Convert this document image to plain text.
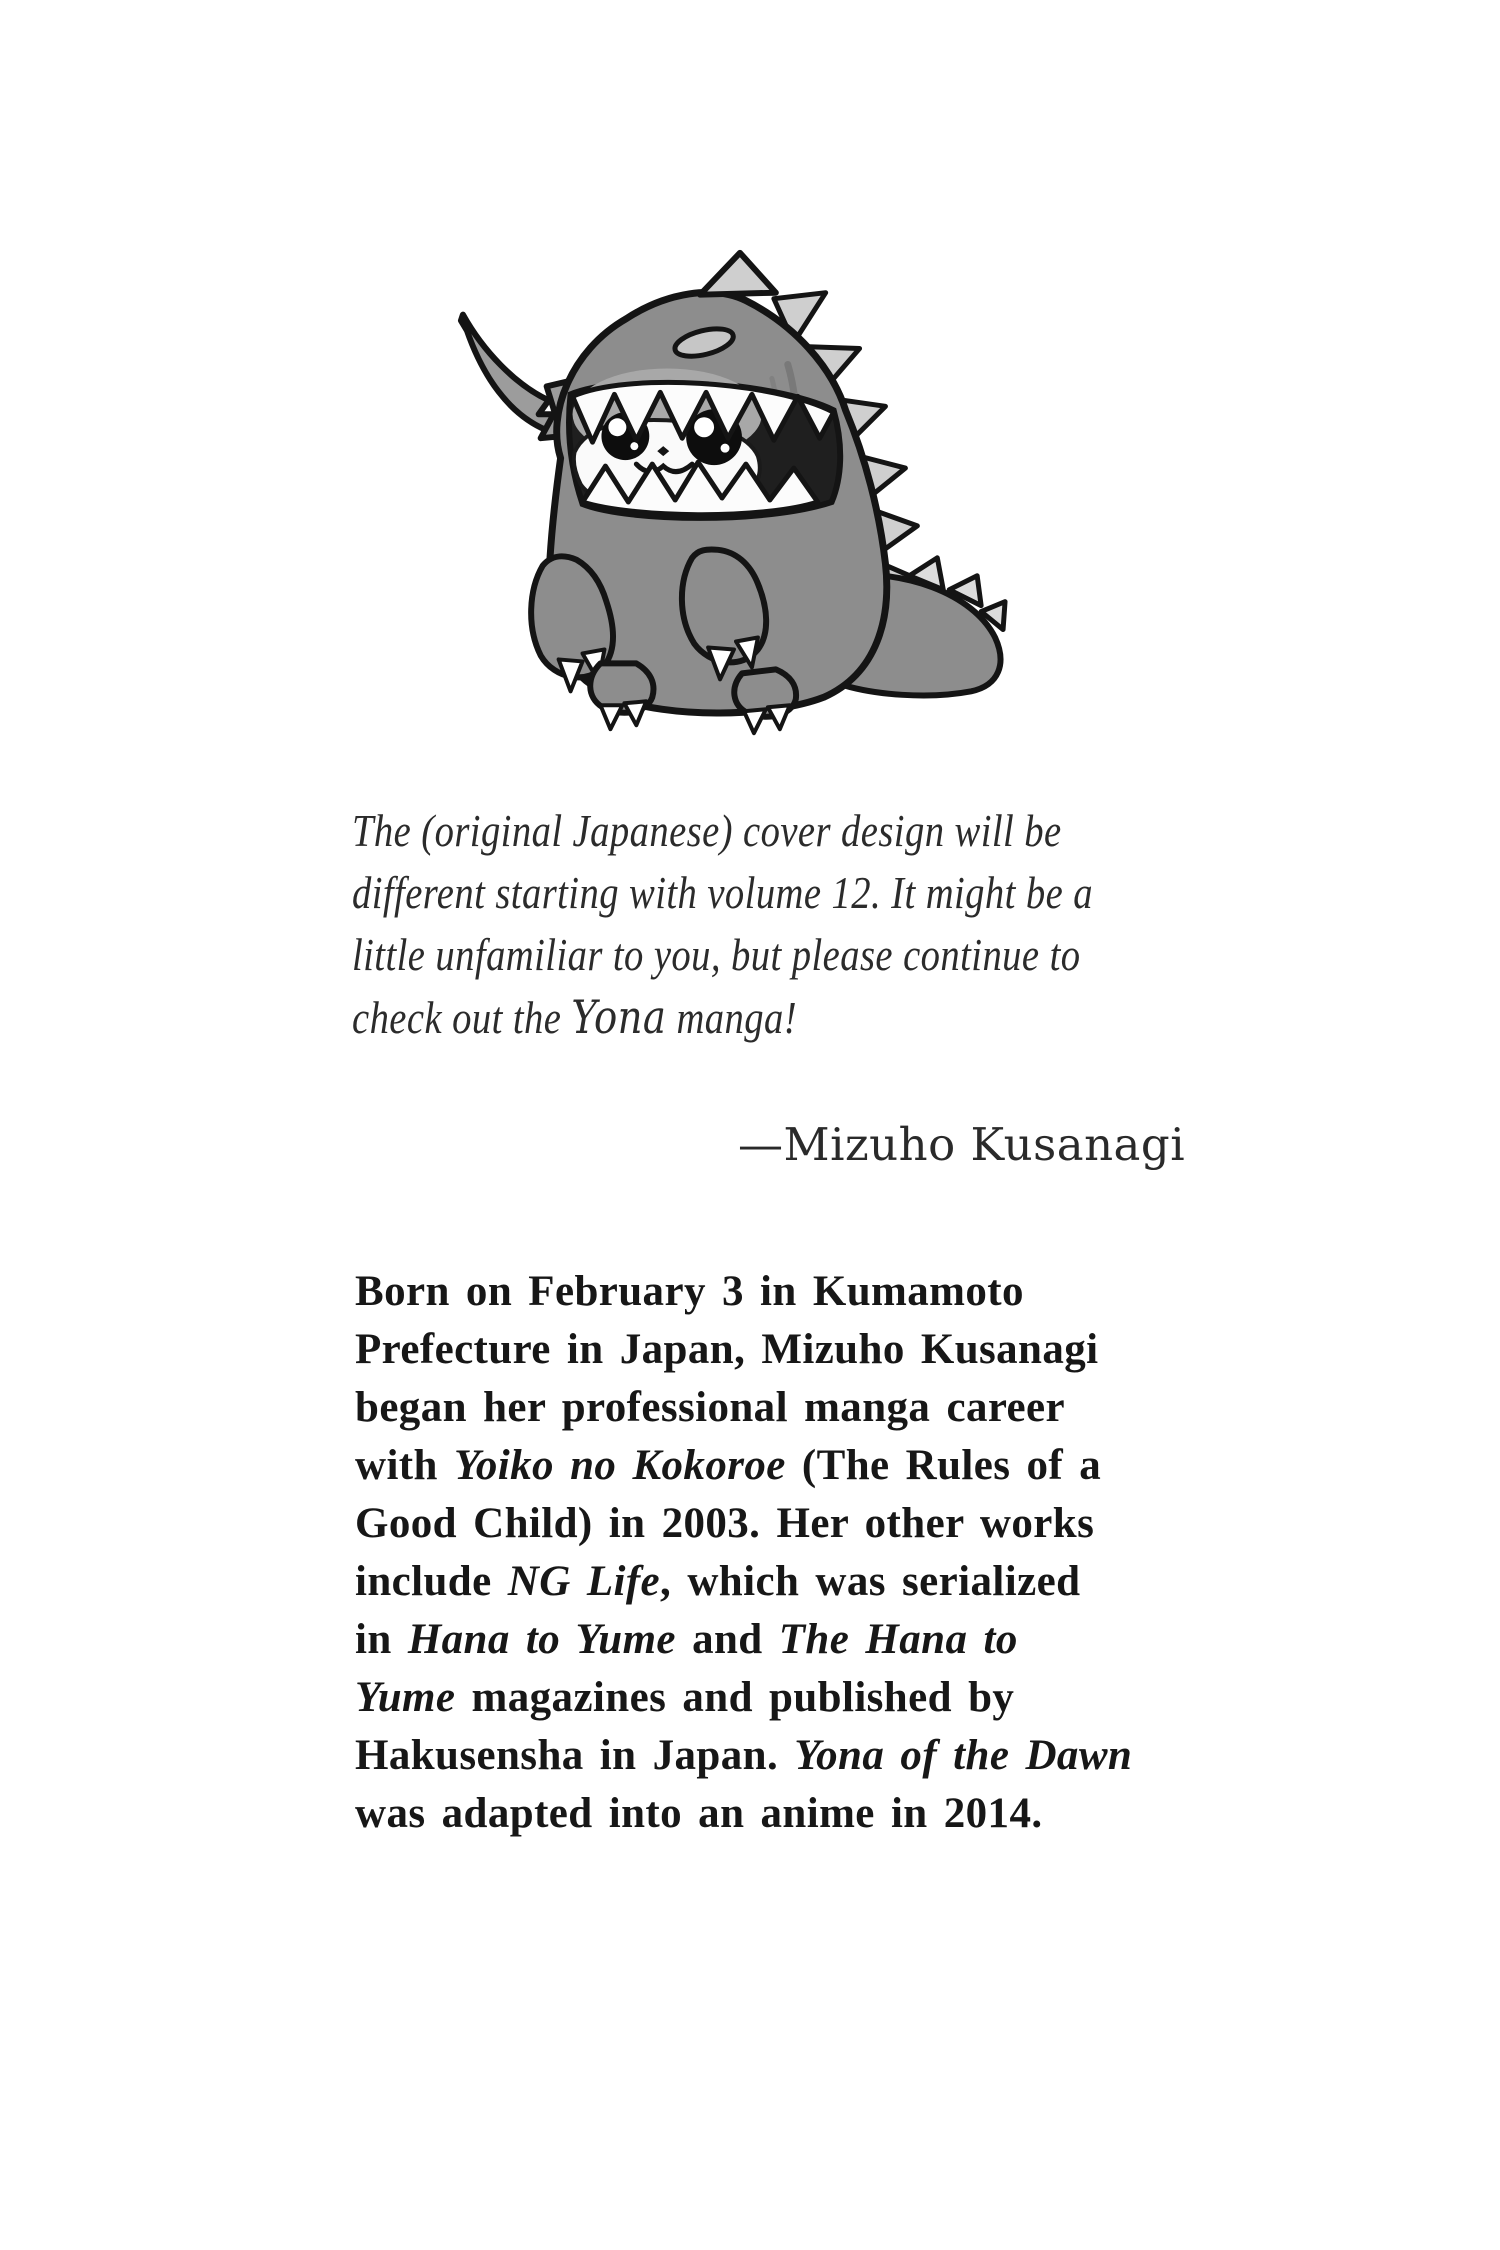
The (original Japanese) cover design will be
different starting with volume 12. It might be a
little unfamiliar to you, but please continue to
check out the Yona manga!
—Mizuho Kusanagi
Born on February 3 in Kumamoto
Prefecture in Japan, Mizuho Kusanagi
began her professional manga career
with Yoiko no Kokoroe (The Rules of a
Good Child) in 2003. Her other works
include NG Life, which was serialized
in Hana to Yume and The Hana to
Yume magazines and published by
Hakusensha in Japan. Yona of the Dawn
was adapted into an anime in 2014.
